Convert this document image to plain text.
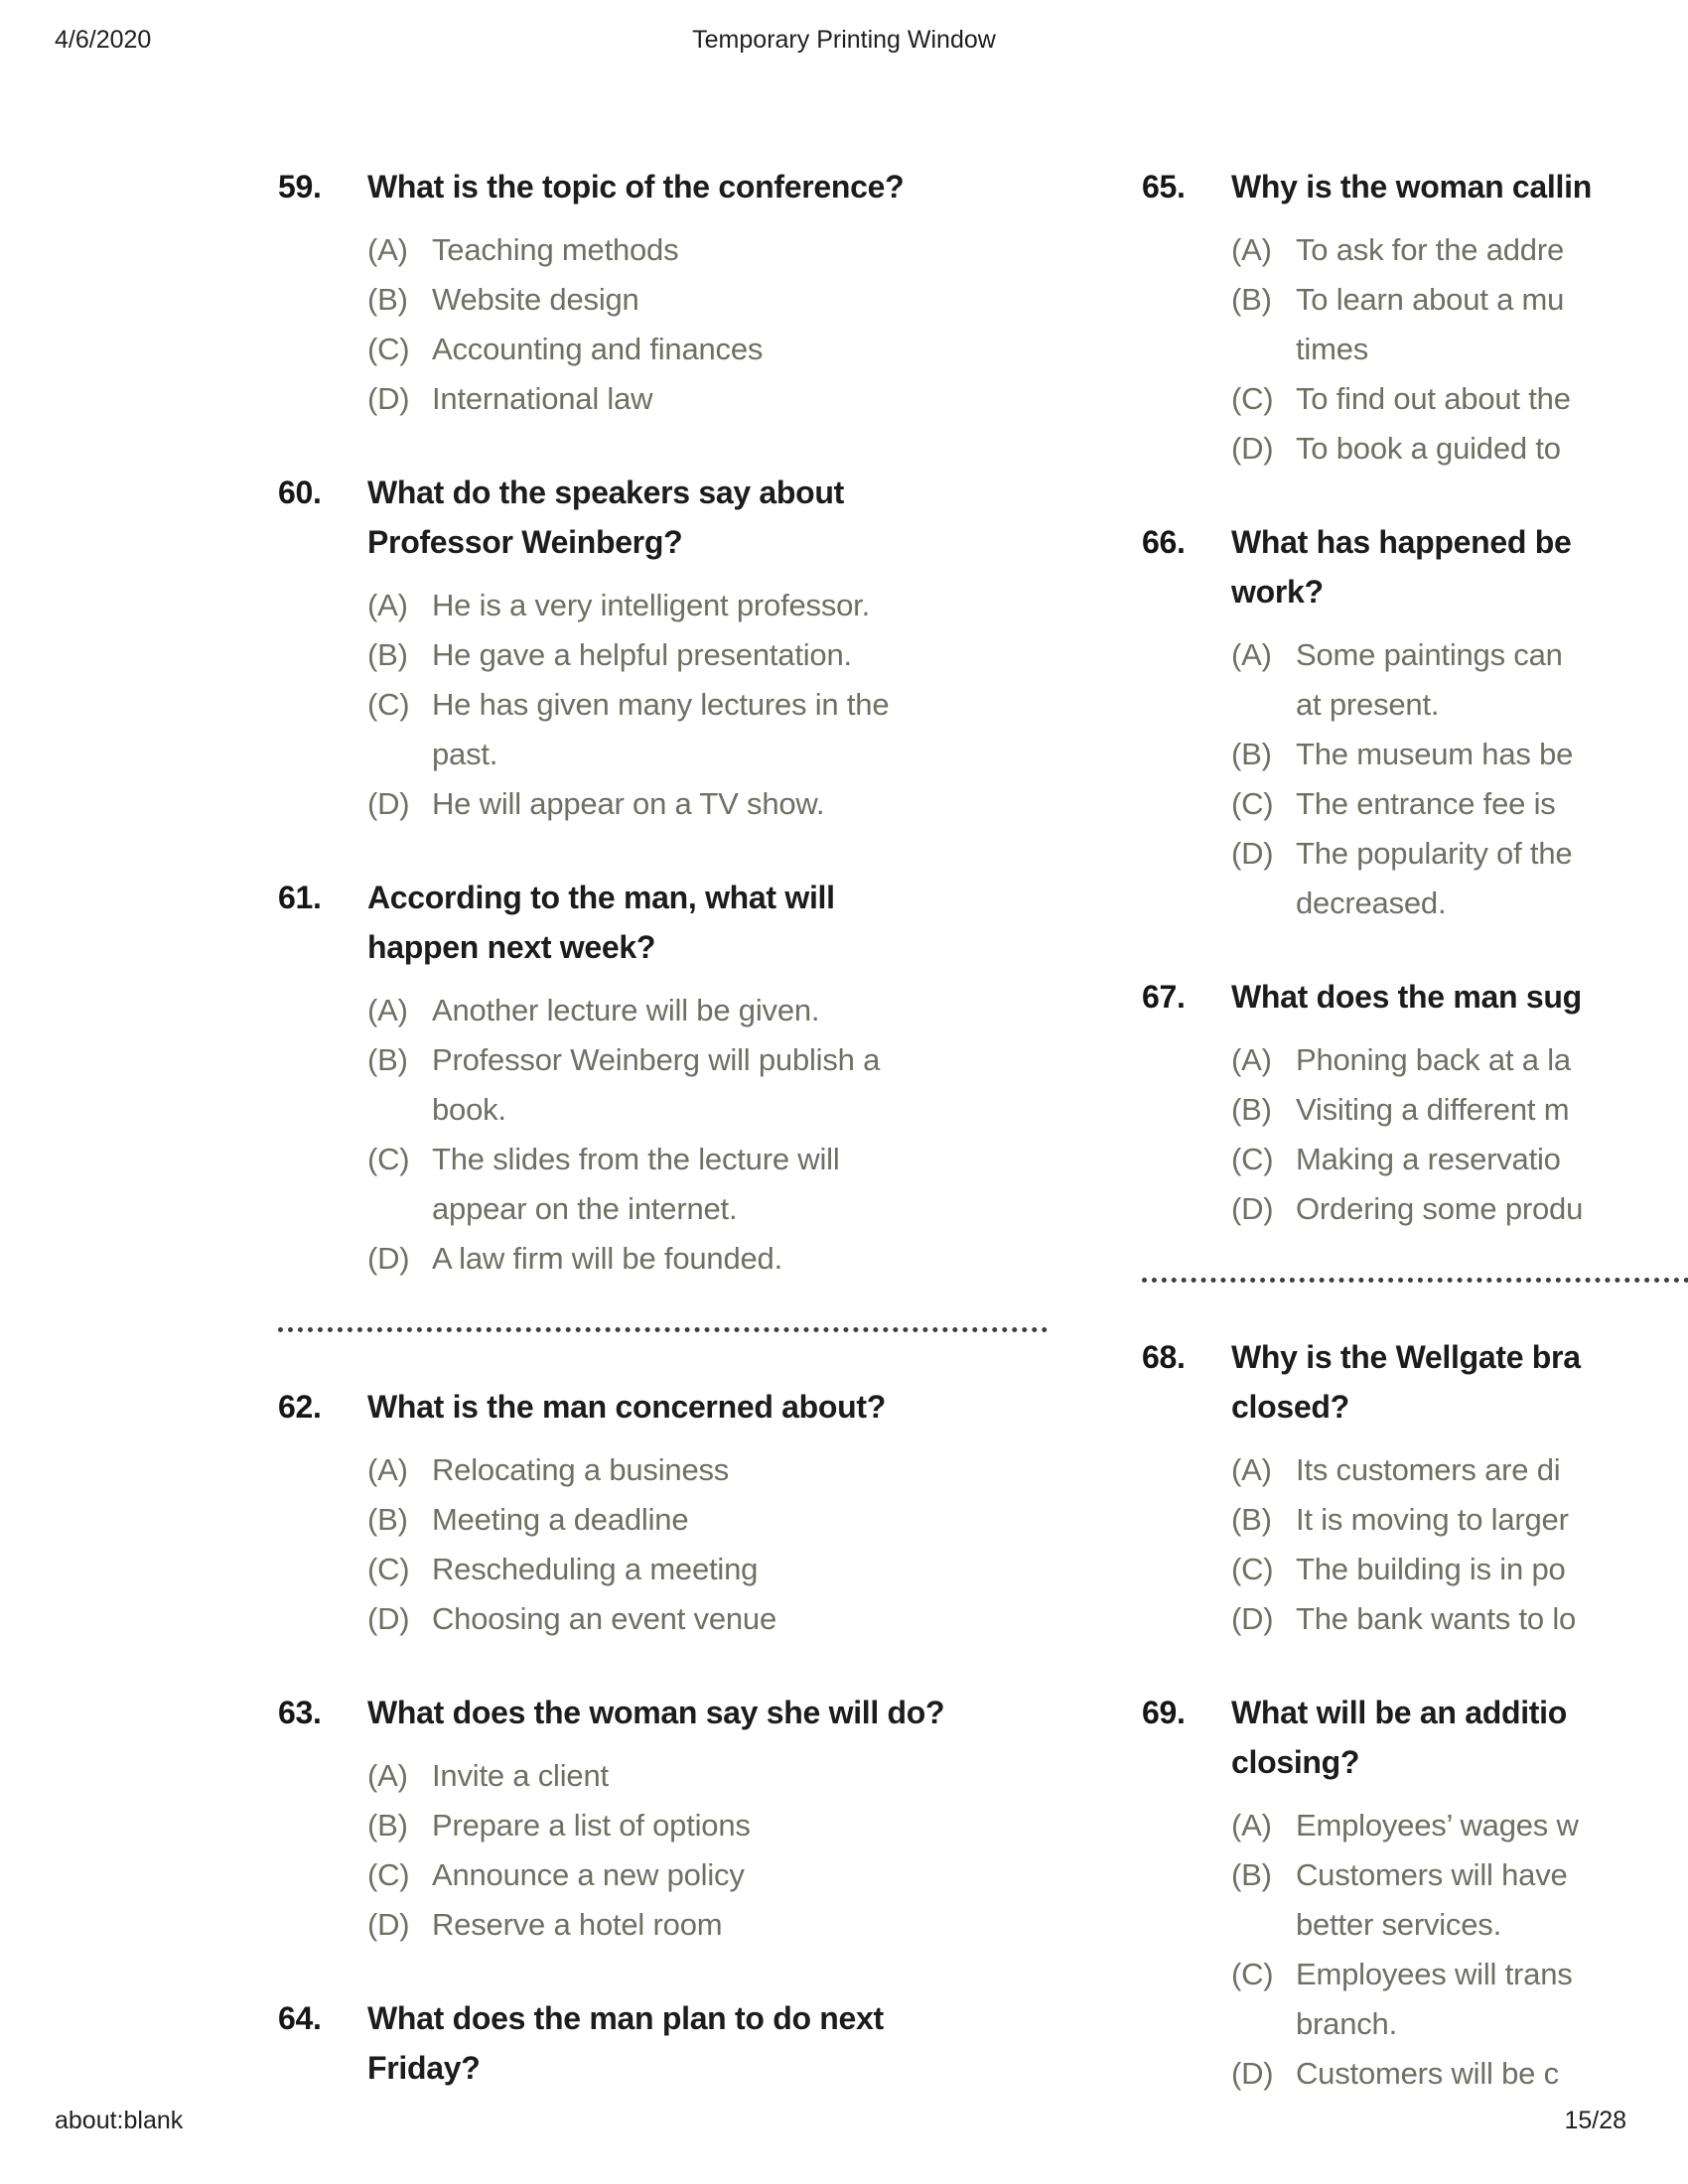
4/6/2020	Temporary Printing Window
59.	What is the topic of the conference?
(A) Teaching methods
(B) Website design
(C) Accounting and finances
(D) International law
60.	What do the speakers say about
Professor Weinberg?
(A) He is a very intelligent professor.
(B) He gave a helpful presentation.
(C) He has given many lectures in the
past.
(D) He will appear on a TV show.
61.	According to the man, what will
happen next week?
(A) Another lecture will be given.
(B) Professor Weinberg will publish a
book.
(C) The slides from the lecture will
appear on the internet.
(D) A law firm will be founded.
62.	What is the man concerned about?
(A) Relocating a business
(B) Meeting a deadline
(C) Rescheduling a meeting
(D) Choosing an event venue
63.	What does the woman say she will do?
(A) Invite a client
(B) Prepare a list of options
(C) Announce a new policy
(D) Reserve a hotel room
64.	What does the man plan to do next
Friday?
65.	Why is the woman callin
(A) To ask for the addre
(B) To learn about a mu
times
(C) To find out about the
(D) To book a guided to
66.	What has happened be
work?
(A) Some paintings can
at present.
(B) The museum has be
(C) The entrance fee is
(D) The popularity of the
decreased.
67.	What does the man sug
(A) Phoning back at a la
(B) Visiting a different m
(C) Making a reservatio
(D) Ordering some produ
68.	Why is the Wellgate bra
closed?
(A) Its customers are di
(B) It is moving to larger
(C) The building is in po
(D) The bank wants to lo
69.	What will be an additio
closing?
(A) Employees’ wages w
(B) Customers will have
better services.
(C) Employees will trans
branch.
(D) Customers will be c
about:blank	15/28
